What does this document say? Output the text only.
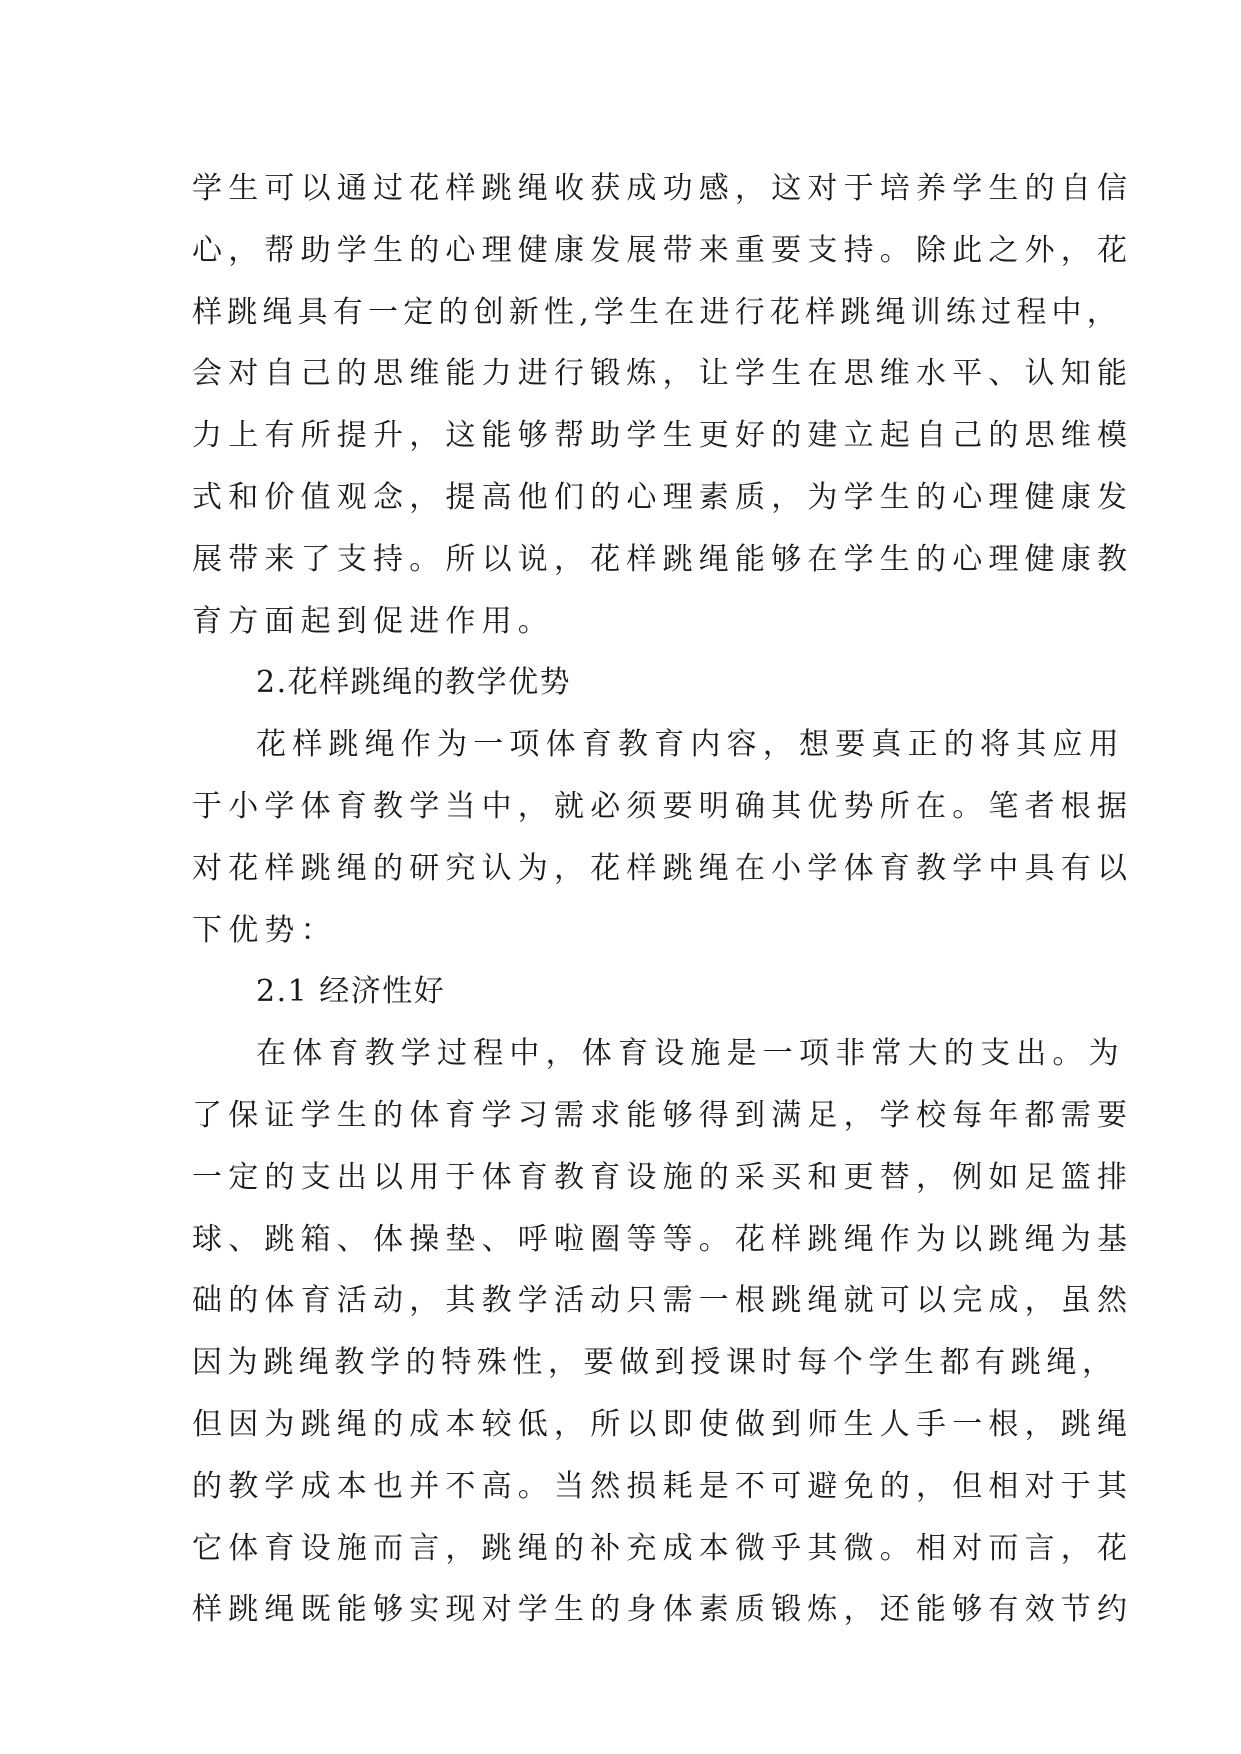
学生可以通过花样跳绳收获成功感，这对于培养学生的自信
心，帮助学生的心理健康发展带来重要支持。除此之外，花
样跳绳具有一定的创新性,学生在进行花样跳绳训练过程中，
会对自己的思维能力进行锻炼，让学生在思维水平、认知能
力上有所提升，这能够帮助学生更好的建立起自己的思维模
式和价值观念，提高他们的心理素质，为学生的心理健康发
展带来了支持。所以说，花样跳绳能够在学生的心理健康教
育方面起到促进作用。
2.花样跳绳的教学优势
花样跳绳作为一项体育教育内容，想要真正的将其应用
于小学体育教学当中，就必须要明确其优势所在。笔者根据
对花样跳绳的研究认为，花样跳绳在小学体育教学中具有以
下优势：
2.1 经济性好
在体育教学过程中，体育设施是一项非常大的支出。为
了保证学生的体育学习需求能够得到满足，学校每年都需要
一定的支出以用于体育教育设施的采买和更替，例如足篮排
球、跳箱、体操垫、呼啦圈等等。花样跳绳作为以跳绳为基
础的体育活动，其教学活动只需一根跳绳就可以完成，虽然
因为跳绳教学的特殊性，要做到授课时每个学生都有跳绳，
但因为跳绳的成本较低，所以即使做到师生人手一根，跳绳
的教学成本也并不高。当然损耗是不可避免的，但相对于其
它体育设施而言，跳绳的补充成本微乎其微。相对而言，花
样跳绳既能够实现对学生的身体素质锻炼，还能够有效节约
